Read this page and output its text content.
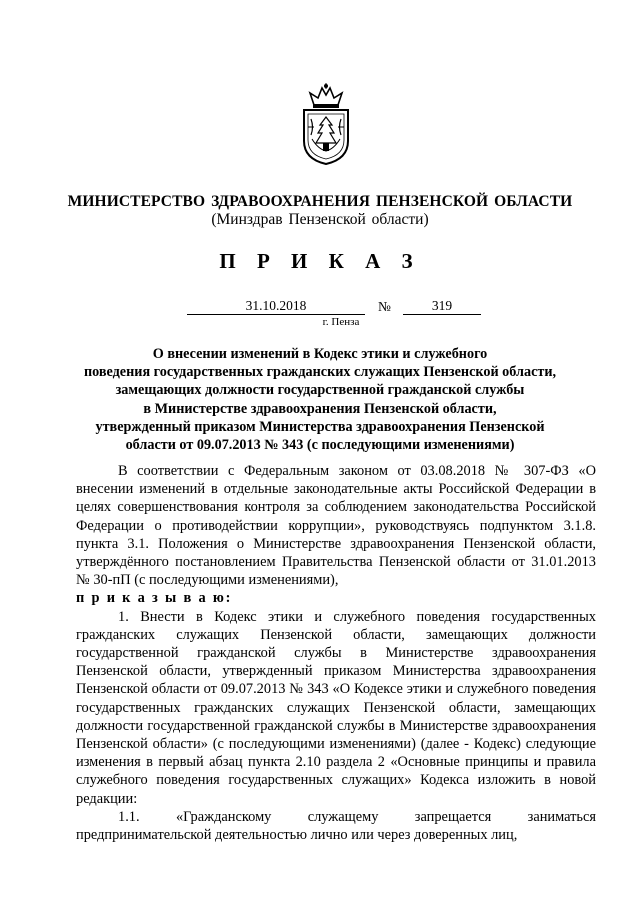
МИНИСТЕРСТВО ЗДРАВООХРАНЕНИЯ ПЕНЗЕНСКОЙ ОБЛАСТИ
(Минздрав Пензенской области)
П Р И К А З
31.10.2018	№	319
г. Пенза
О внесении изменений в Кодекс этики и служебного
поведения государственных гражданских служащих Пензенской области,
замещающих должности государственной гражданской службы
в Министерстве здравоохранения Пензенской области,
утвержденный приказом Министерства здравоохранения Пензенской
области от 09.07.2013 № 343 (с последующими изменениями)

В соответствии с Федеральным законом от 03.08.2018 № 307-ФЗ «О внесении изменений в отдельные законодательные акты Российской Федерации в целях совершенствования контроля за соблюдением законодательства Российской Федерации о противодействии коррупции», руководствуясь подпунктом 3.1.8. пункта 3.1. Положения о Министерстве здравоохранения Пензенской области, утверждённого постановлением Правительства Пензенской области от 31.01.2013 № 30-пП (с последующими изменениями),

п р и к а з ы в а ю:

1. Внести в Кодекс этики и служебного поведения государственных гражданских служащих Пензенской области, замещающих должности государственной гражданской службы в Министерстве здравоохранения Пензенской области, утвержденный приказом Министерства здравоохранения Пензенской области от 09.07.2013 № 343 «О Кодексе этики и служебного поведения государственных гражданских служащих Пензенской области, замещающих должности государственной гражданской службы в Министерстве здравоохранения Пензенской области» (с последующими изменениями) (далее - Кодекс) следующие изменения в первый абзац пункта 2.10 раздела 2 «Основные принципы и правила служебного поведения государственных служащих» Кодекса изложить в новой редакции:

1.1. «Гражданскому служащему запрещается заниматься предпринимательской деятельностью лично или через доверенных лиц,
